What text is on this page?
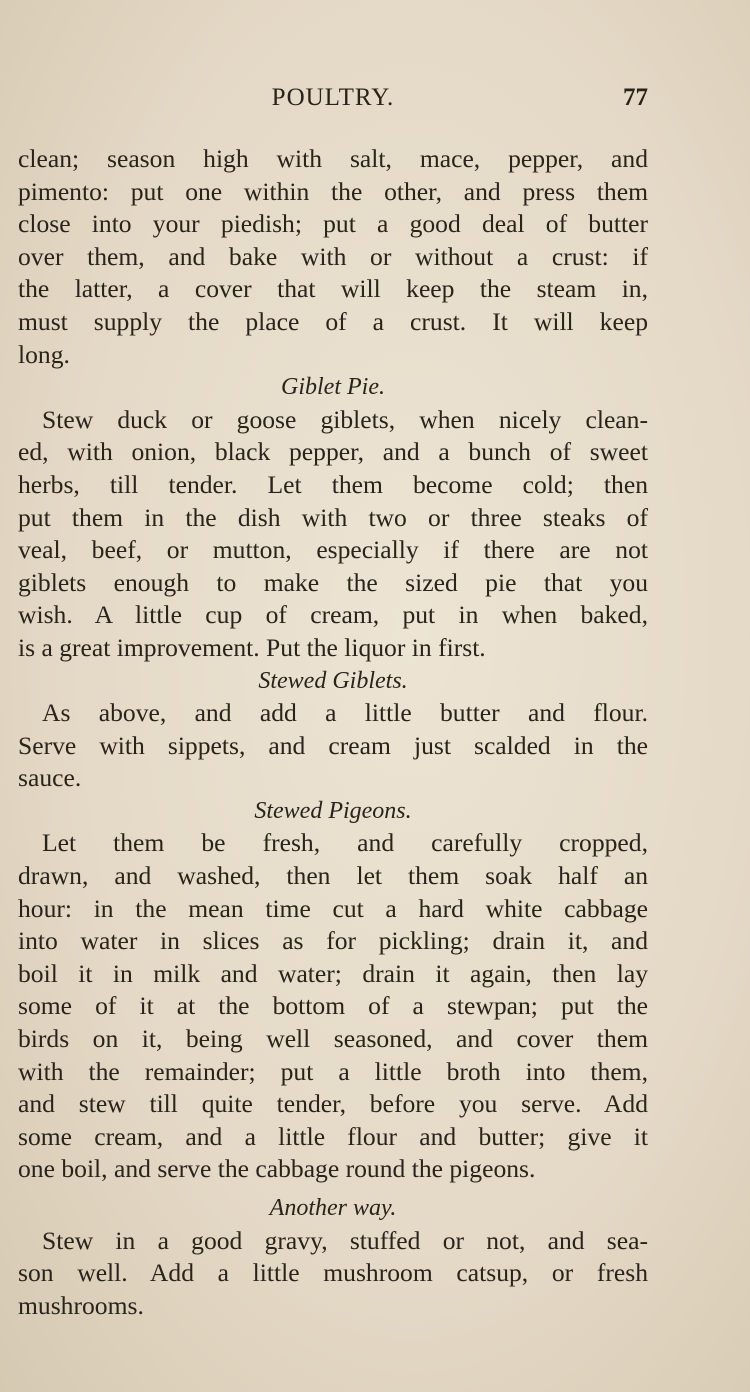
POULTRY.	77
clean; season high with salt, mace, pepper, and
pimento: put one within the other, and press them
close into your piedish; put a good deal of butter
over them, and bake with or without a crust: if
the latter, a cover that will keep the steam in,
must supply the place of a crust. It will keep
long.
Giblet Pie.
Stew duck or goose giblets, when nicely clean-
ed, with onion, black pepper, and a bunch of sweet
herbs, till tender. Let them become cold; then
put them in the dish with two or three steaks of
veal, beef, or mutton, especially if there are not
giblets enough to make the sized pie that you
wish. A little cup of cream, put in when baked,
is a great improvement. Put the liquor in first.
Stewed Giblets.
As above, and add a little butter and flour.
Serve with sippets, and cream just scalded in the
sauce.
Stewed Pigeons.
Let them be fresh, and carefully cropped,
drawn, and washed, then let them soak half an
hour: in the mean time cut a hard white cabbage
into water in slices as for pickling; drain it, and
boil it in milk and water; drain it again, then lay
some of it at the bottom of a stewpan; put the
birds on it, being well seasoned, and cover them
with the remainder; put a little broth into them,
and stew till quite tender, before you serve. Add
some cream, and a little flour and butter; give it
one boil, and serve the cabbage round the pigeons.
Another way.
Stew in a good gravy, stuffed or not, and sea-
son well. Add a little mushroom catsup, or fresh
mushrooms.
